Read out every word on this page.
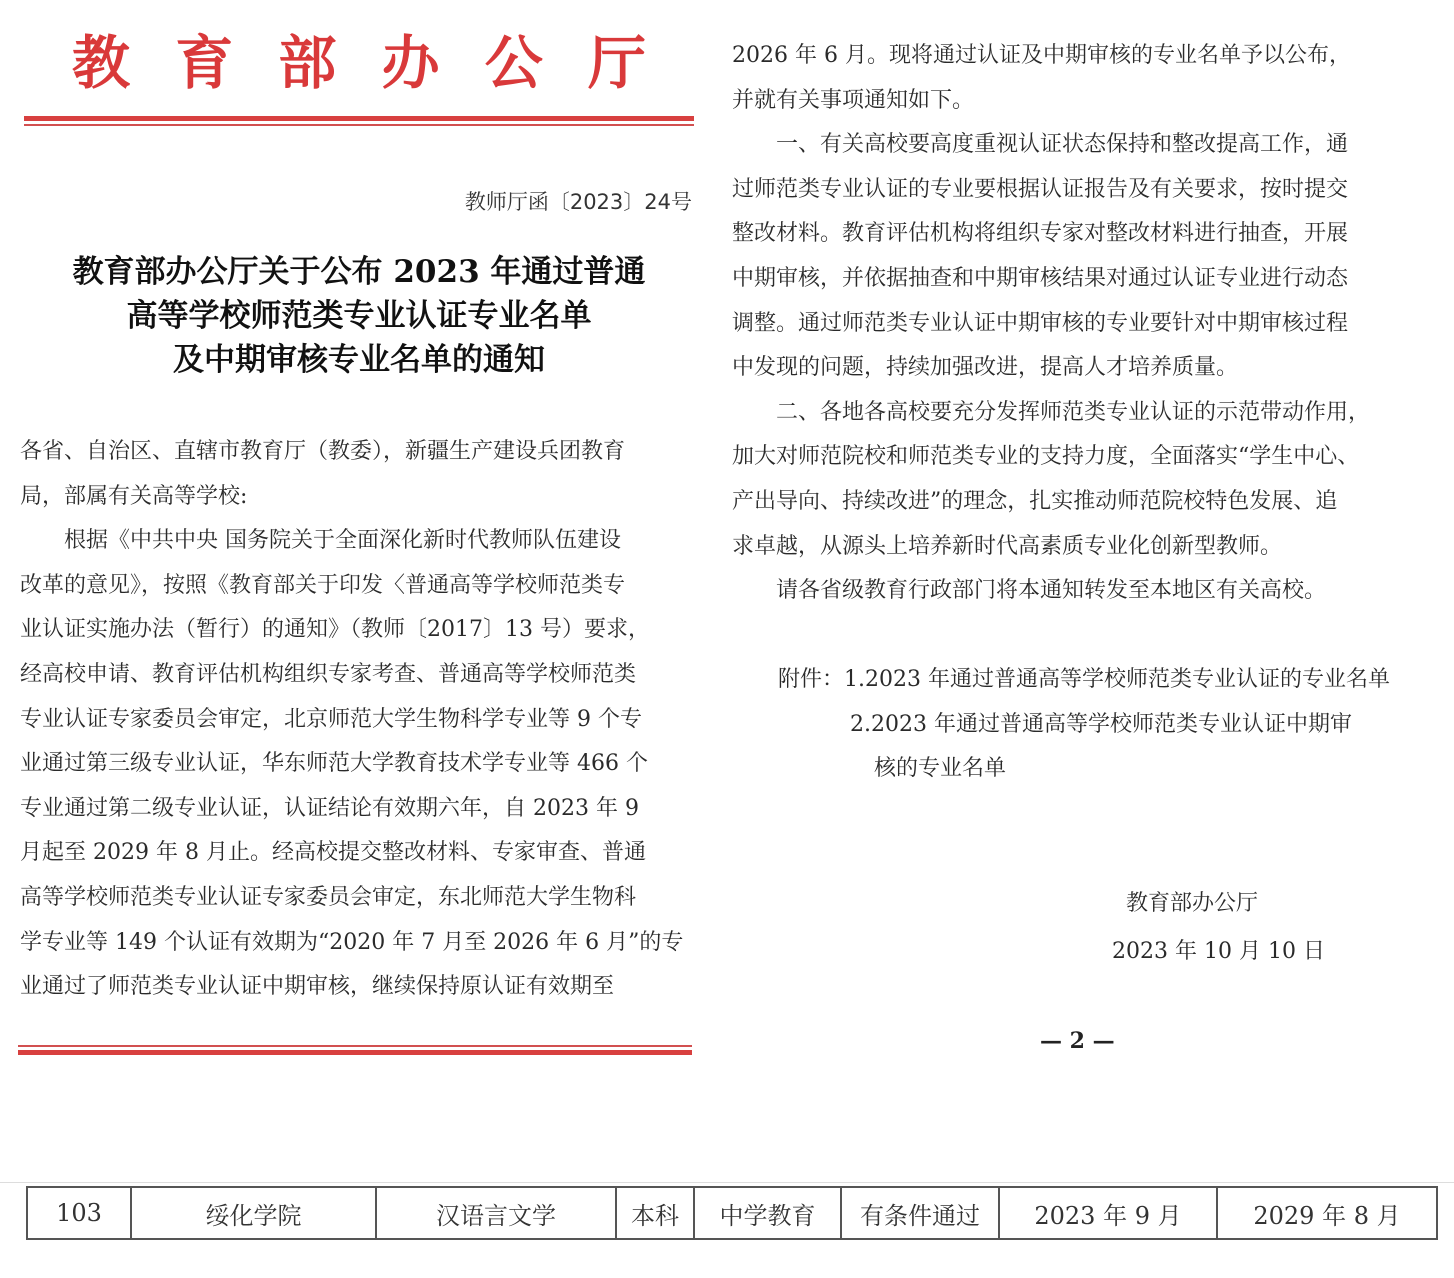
教 育 部 办 公 厅
教师厅函〔2023〕24号
教育部办公厅关于公布 2023 年通过普通
高等学校师范类专业认证专业名单
及中期审核专业名单的通知
各省、自治区、直辖市教育厅（教委），新疆生产建设兵团教育
局，部属有关高等学校:
根据《中共中央 国务院关于全面深化新时代教师队伍建设
改革的意见》，按照《教育部关于印发〈普通高等学校师范类专
业认证实施办法（暂行）的通知》（教师〔2017〕13 号）要求，
经高校申请、教育评估机构组织专家考查、普通高等学校师范类
专业认证专家委员会审定，北京师范大学生物科学专业等 9 个专
业通过第三级专业认证，华东师范大学教育技术学专业等 466 个
专业通过第二级专业认证，认证结论有效期六年，自 2023 年 9
月起至 2029 年 8 月止。经高校提交整改材料、专家审查、普通
高等学校师范类专业认证专家委员会审定，东北师范大学生物科
学专业等 149 个认证有效期为“2020 年 7 月至 2026 年 6 月”的专
业通过了师范类专业认证中期审核，继续保持原认证有效期至
2026 年 6 月。现将通过认证及中期审核的专业名单予以公布，
并就有关事项通知如下。
一、有关高校要高度重视认证状态保持和整改提高工作，通
过师范类专业认证的专业要根据认证报告及有关要求，按时提交
整改材料。教育评估机构将组织专家对整改材料进行抽查，开展
中期审核，并依据抽查和中期审核结果对通过认证专业进行动态
调整。通过师范类专业认证中期审核的专业要针对中期审核过程
中发现的问题，持续加强改进，提高人才培养质量。
二、各地各高校要充分发挥师范类专业认证的示范带动作用，
加大对师范院校和师范类专业的支持力度，全面落实“学生中心、
产出导向、持续改进”的理念，扎实推动师范院校特色发展、追
求卓越，从源头上培养新时代高素质专业化创新型教师。
请各省级教育行政部门将本通知转发至本地区有关高校。
附件：1.2023 年通过普通高等学校师范类专业认证的专业名单
2.2023 年通过普通高等学校师范类专业认证中期审
核的专业名单
教育部办公厅
2023 年 10 月 10 日
— 2 —
103	绥化学院	汉语言文学	本科	中学教育	有条件通过	2023 年 9 月	2029 年 8 月
